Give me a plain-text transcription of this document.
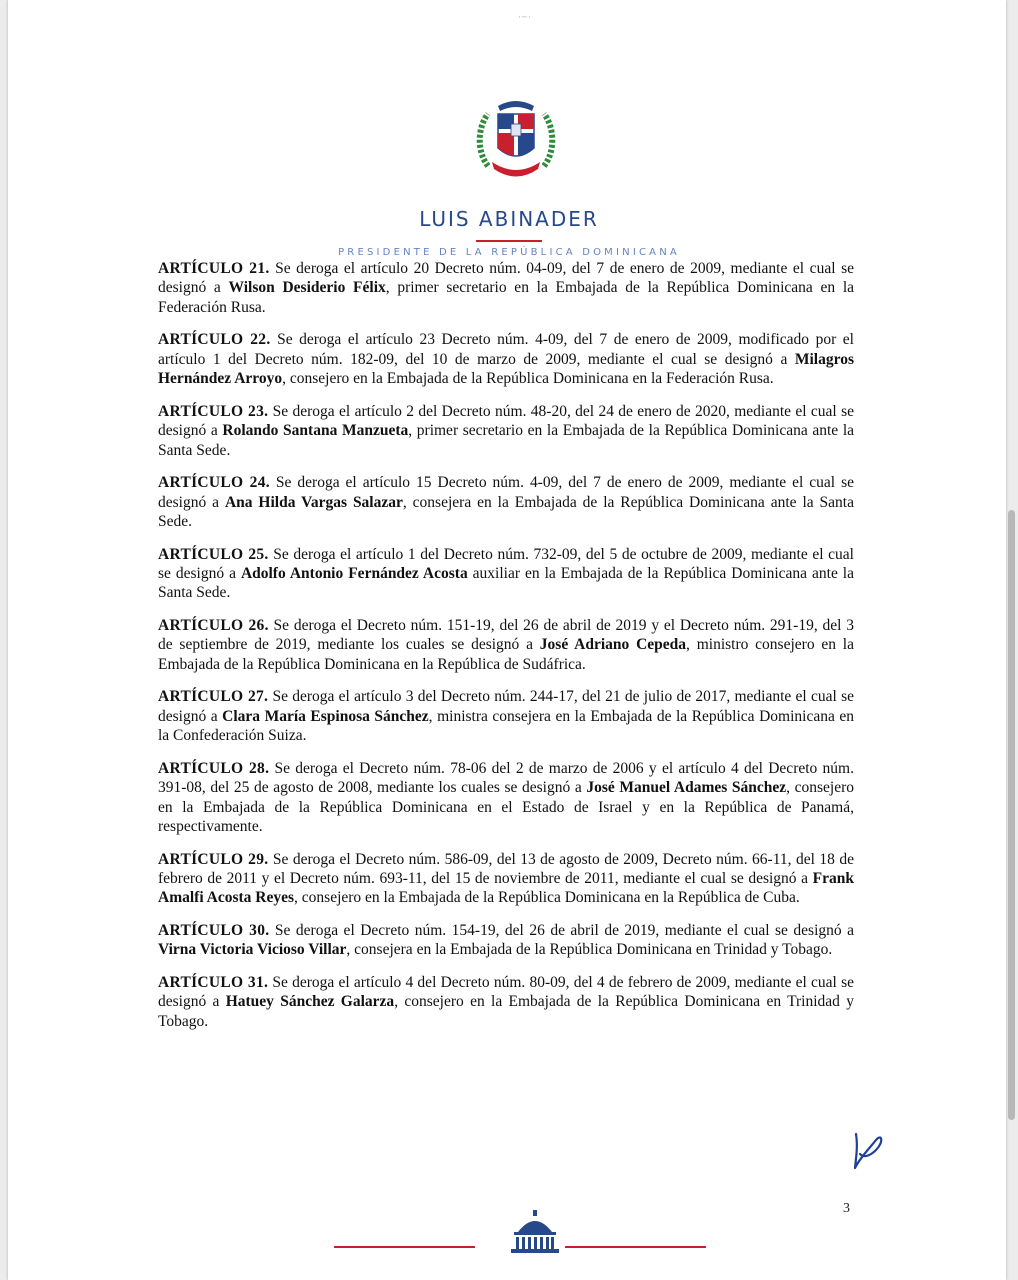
·~·
LUIS ABINADER
PRESIDENTE DE LA REPÚBLICA DOMINICANA

ARTÍCULO 21. Se deroga el artículo 20 Decreto núm. 04-09, del 7 de enero de 2009, mediante el cual se designó a Wilson Desiderio Félix, primer secretario en la Embajada de la República Dominicana en la Federación Rusa.

ARTÍCULO 22. Se deroga el artículo 23 Decreto núm. 4-09, del 7 de enero de 2009, modificado por el artículo 1 del Decreto núm. 182-09, del 10 de marzo de 2009, mediante el cual se designó a Milagros Hernández Arroyo, consejero en la Embajada de la República Dominicana en la Federación Rusa.

ARTÍCULO 23. Se deroga el artículo 2 del Decreto núm. 48-20, del 24 de enero de 2020, mediante el cual se designó a Rolando Santana Manzueta, primer secretario en la Embajada de la República Dominicana ante la Santa Sede.

ARTÍCULO 24. Se deroga el artículo 15 Decreto núm. 4-09, del 7 de enero de 2009, mediante el cual se designó a Ana Hilda Vargas Salazar, consejera en la Embajada de la República Dominicana ante la Santa Sede.

ARTÍCULO 25. Se deroga el artículo 1 del Decreto núm. 732-09, del 5 de octubre de 2009, mediante el cual se designó a Adolfo Antonio Fernández Acosta auxiliar en la Embajada de la República Dominicana ante la Santa Sede.

ARTÍCULO 26. Se deroga el Decreto núm. 151-19, del 26 de abril de 2019 y el Decreto núm. 291-19, del 3 de septiembre de 2019, mediante los cuales se designó a José Adriano Cepeda, ministro consejero en la Embajada de la República Dominicana en la República de Sudáfrica.

ARTÍCULO 27. Se deroga el artículo 3 del Decreto núm. 244-17, del 21 de julio de 2017, mediante el cual se designó a Clara María Espinosa Sánchez, ministra consejera en la Embajada de la República Dominicana en la Confederación Suiza.

ARTÍCULO 28. Se deroga el Decreto núm. 78-06 del 2 de marzo de 2006 y el artículo 4 del Decreto núm. 391-08, del 25 de agosto de 2008, mediante los cuales se designó a José Manuel Adames Sánchez, consejero en la Embajada de la República Dominicana en el Estado de Israel y en la República de Panamá, respectivamente.

ARTÍCULO 29. Se deroga el Decreto núm. 586-09, del 13 de agosto de 2009, Decreto núm. 66-11, del 18 de febrero de 2011 y el Decreto núm. 693-11, del 15 de noviembre de 2011, mediante el cual se designó a Frank Amalfi Acosta Reyes, consejero en la Embajada de la República Dominicana en la República de Cuba.

ARTÍCULO 30. Se deroga el Decreto núm. 154-19, del 26 de abril de 2019, mediante el cual se designó a Virna Victoria Vicioso Villar, consejera en la Embajada de la República Dominicana en Trinidad y Tobago.

ARTÍCULO 31. Se deroga el artículo 4 del Decreto núm. 80-09, del 4 de febrero de 2009, mediante el cual se designó a Hatuey Sánchez Galarza, consejero en la Embajada de la República Dominicana en Trinidad y Tobago.

3
